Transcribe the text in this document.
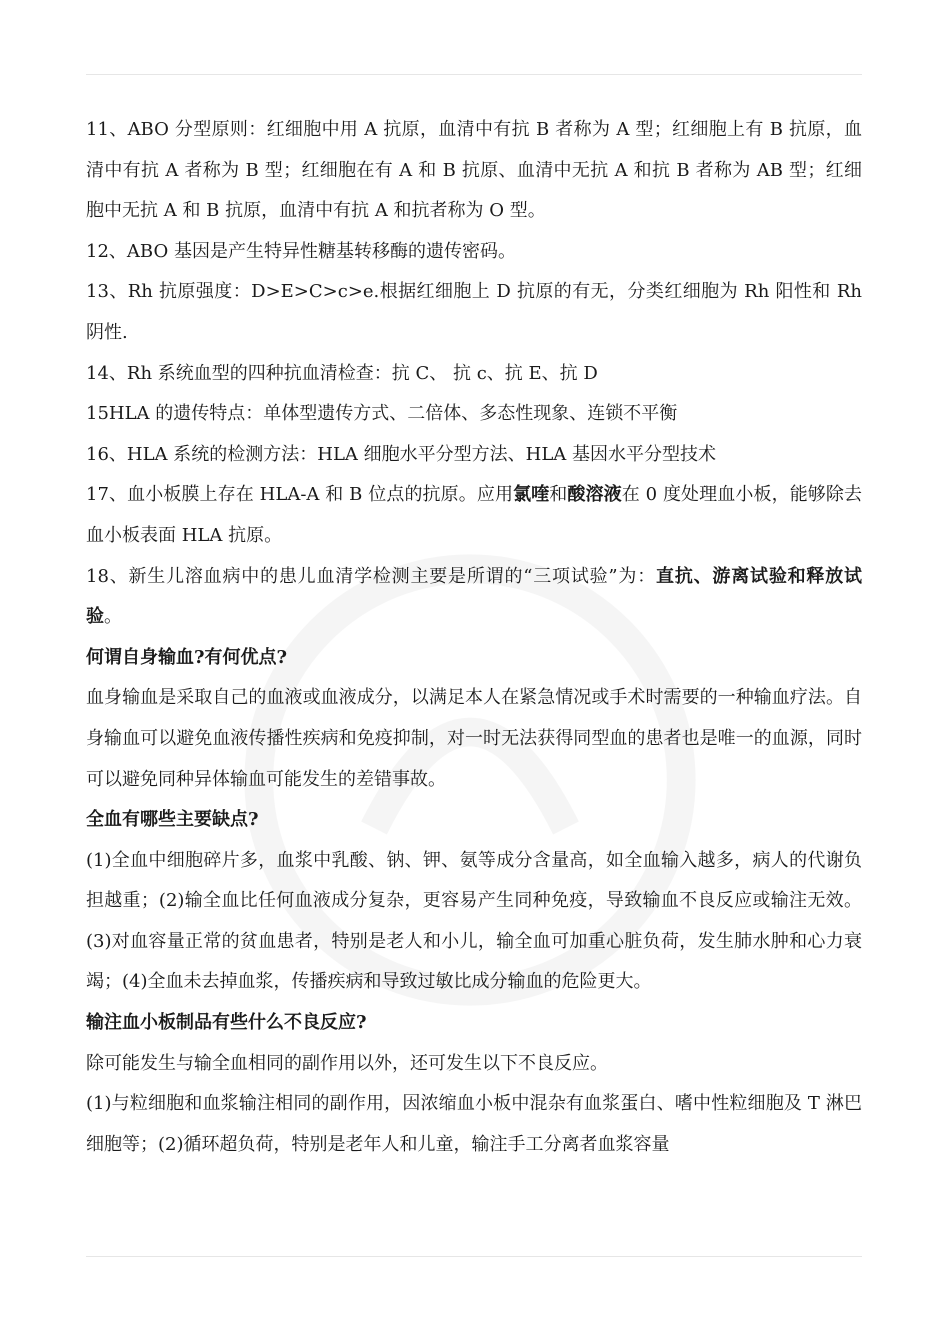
11、ABO 分型原则：红细胞中用 A 抗原，血清中有抗 B 者称为 A 型；红细胞上有 B 抗原，血清中有抗 A 者称为 B 型；红细胞在有 A 和 B 抗原、血清中无抗 A 和抗 B 者称为 AB 型；红细胞中无抗 A 和 B 抗原，血清中有抗 A 和抗者称为 O 型。

12、ABO 基因是产生特异性糖基转移酶的遗传密码。

13、Rh 抗原强度：D>E>C>c>e.根据红细胞上 D 抗原的有无，分类红细胞为 Rh 阳性和 Rh 阴性.

14、Rh 系统血型的四种抗血清检查：抗 C、 抗 c、抗 E、抗 D

15HLA 的遗传特点：单体型遗传方式、二倍体、多态性现象、连锁不平衡

16、HLA 系统的检测方法：HLA 细胞水平分型方法、HLA 基因水平分型技术

17、血小板膜上存在 HLA-A 和 B 位点的抗原。应用氯喹和酸溶液在 0 度处理血小板，能够除去血小板表面 HLA 抗原。

18、新生儿溶血病中的患儿血清学检测主要是所谓的“三项试验”为：直抗、游离试验和释放试验。

何谓自身输血?有何优点?

血身输血是采取自己的血液或血液成分，以满足本人在紧急情况或手术时需要的一种输血疗法。自身输血可以避免血液传播性疾病和免疫抑制，对一时无法获得同型血的患者也是唯一的血源，同时可以避免同种异体输血可能发生的差错事故。

全血有哪些主要缺点?

(1)全血中细胞碎片多，血浆中乳酸、钠、钾、氨等成分含量高，如全血输入越多，病人的代谢负担越重；(2)输全血比任何血液成分复杂，更容易产生同种免疫，导致输血不良反应或输注无效。(3)对血容量正常的贫血患者，特别是老人和小儿，输全血可加重心脏负荷，发生肺水肿和心力衰竭；(4)全血未去掉血浆，传播疾病和导致过敏比成分输血的危险更大。

输注血小板制品有些什么不良反应?

除可能发生与输全血相同的副作用以外，还可发生以下不良反应。

(1)与粒细胞和血浆输注相同的副作用，因浓缩血小板中混杂有血浆蛋白、嗜中性粒细胞及 T 淋巴细胞等；(2)循环超负荷，特别是老年人和儿童，输注手工分离者血浆容量
